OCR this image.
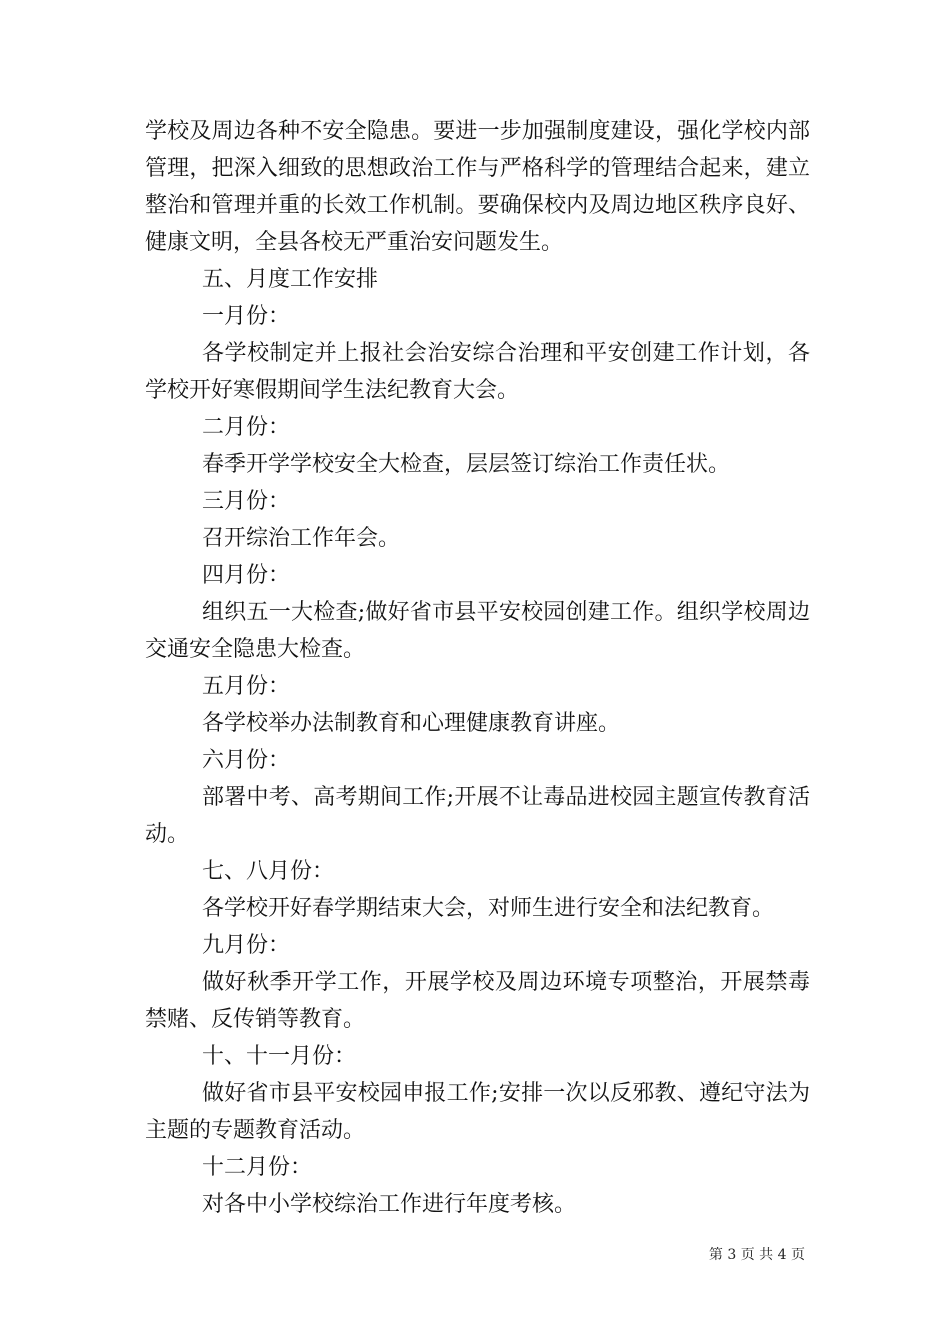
学校及周边各种不安全隐患。要进一步加强制度建设，强化学校内部管理，把深入细致的思想政治工作与严格科学的管理结合起来，建立整治和管理并重的长效工作机制。要确保校内及周边地区秩序良好、健康文明，全县各校无严重治安问题发生。

五、月度工作安排

一月份：

各学校制定并上报社会治安综合治理和平安创建工作计划，各学校开好寒假期间学生法纪教育大会。

二月份：

春季开学学校安全大检查，层层签订综治工作责任状。

三月份：

召开综治工作年会。

四月份：

组织五一大检查;做好省市县平安校园创建工作。组织学校周边交通安全隐患大检查。

五月份：

各学校举办法制教育和心理健康教育讲座。

六月份：

部署中考、高考期间工作;开展不让毒品进校园主题宣传教育活动。

七、八月份：

各学校开好春学期结束大会，对师生进行安全和法纪教育。

九月份：

做好秋季开学工作，开展学校及周边环境专项整治，开展禁毒禁赌、反传销等教育。

十、十一月份：

做好省市县平安校园申报工作;安排一次以反邪教、遵纪守法为主题的专题教育活动。

十二月份：

对各中小学校综治工作进行年度考核。

第 3 页 共 4 页
